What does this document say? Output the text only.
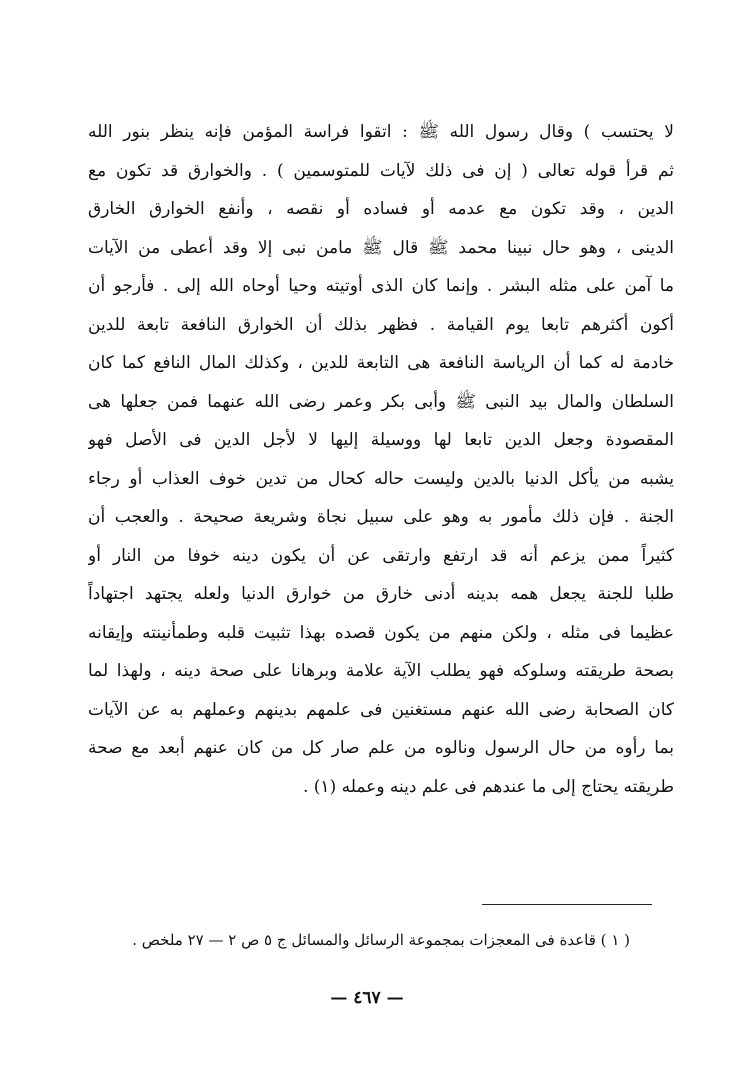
لا يحتسب ) وقال رسول الله ﷺ : اتقوا فراسة المؤمن فإنه ينظر بنور الله
ثم قرأ قوله تعالى ( إن فى ذلك لآيات للمتوسمين ) . والخوارق قد تكون مع
الدين ، وقد تكون مع عدمه أو فساده أو نقصه ، وأنفع الخوارق الخارق
الدينى ، وهو حال نبينا محمد ﷺ قال ﷺ مامن نبى إلا وقد أعطى من الآيات
ما آمن على مثله البشر . وإنما كان الذى أوتيته وحيا أوحاه الله إلى . فأرجو أن
أكون أكثرهم تابعا يوم القيامة . فظهر بذلك أن الخوارق النافعة تابعة للدين
خادمة له كما أن الرياسة النافعة هى التابعة للدين ، وكذلك المال النافع كما كان
السلطان والمال بيد النبى ﷺ وأبى بكر وعمر رضى الله عنهما فمن جعلها هى
المقصودة وجعل الدين تابعا لها ووسيلة إليها لا لأجل الدين فى الأصل فهو
يشبه من يأكل الدنيا بالدين وليست حاله كحال من تدين خوف العذاب أو رجاء
الجنة . فإن ذلك مأمور به وهو على سبيل نجاة وشريعة صحيحة . والعجب أن
كثيراً ممن يزعم أنه قد ارتفع وارتقى عن أن يكون دينه خوفا من النار أو
طلبا للجنة يجعل همه بدينه أدنى خارق من خوارق الدنيا ولعله يجتهد اجتهاداً
عظيما فى مثله ، ولكن منهم من يكون قصده بهذا تثبيت قلبه وطمأنينته وإيقانه
بصحة طريقته وسلوكه فهو يطلب الآية علامة وبرهانا على صحة دينه ، ولهذا لما
كان الصحابة رضى الله عنهم مستغنين فى علمهم بدينهم وعملهم به عن الآيات
بما رأوه من حال الرسول ونالوه من علم صار كل من كان عنهم أبعد مع صحة
طريقته يحتاج إلى ما عندهم فى علم دينه وعمله (١) .
( ١ ) قاعدة فى المعجزات بمجموعة الرسائل والمسائل ج ٥ ص ٢ — ٢٧ ملخص .
— ٤٦٧ —
